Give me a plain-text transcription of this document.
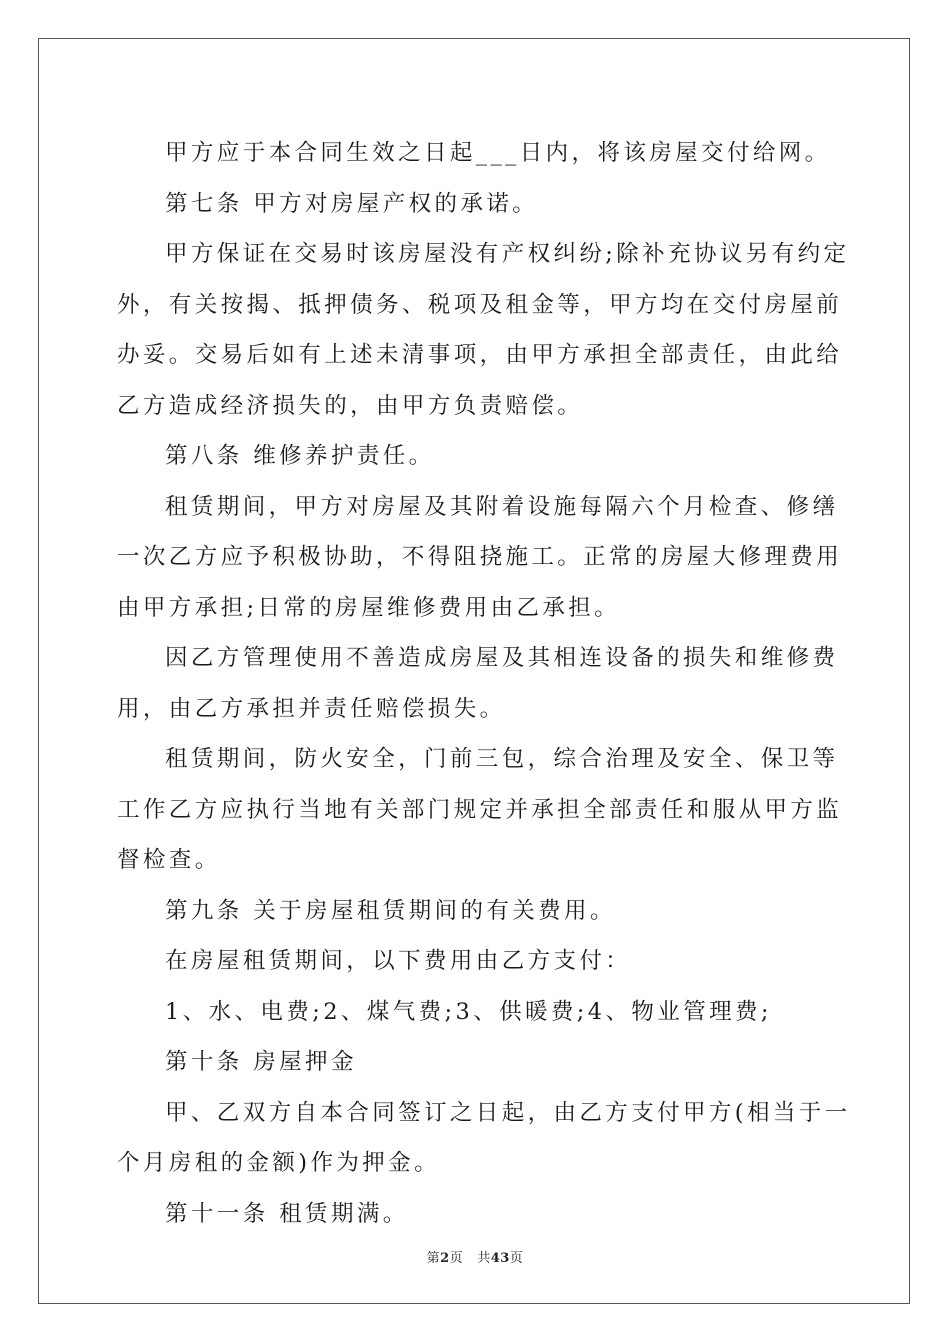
甲方应于本合同生效之日起___日内，将该房屋交付给网。

第七条 甲方对房屋产权的承诺。

甲方保证在交易时该房屋没有产权纠纷;除补充协议另有约定外，有关按揭、抵押债务、税项及租金等，甲方均在交付房屋前办妥。交易后如有上述未清事项，由甲方承担全部责任，由此给乙方造成经济损失的，由甲方负责赔偿。

第八条 维修养护责任。

租赁期间，甲方对房屋及其附着设施每隔六个月检查、修缮一次乙方应予积极协助，不得阻挠施工。正常的房屋大修理费用由甲方承担;日常的房屋维修费用由乙承担。

因乙方管理使用不善造成房屋及其相连设备的损失和维修费用，由乙方承担并责任赔偿损失。

租赁期间，防火安全，门前三包，综合治理及安全、保卫等工作乙方应执行当地有关部门规定并承担全部责任和服从甲方监督检查。

第九条 关于房屋租赁期间的有关费用。

在房屋租赁期间，以下费用由乙方支付：

1、水、电费;2、煤气费;3、供暖费;4、物业管理费;

第十条 房屋押金

甲、乙双方自本合同签订之日起，由乙方支付甲方(相当于一个月房租的金额)作为押金。

第十一条 租赁期满。

第2页 共43页
